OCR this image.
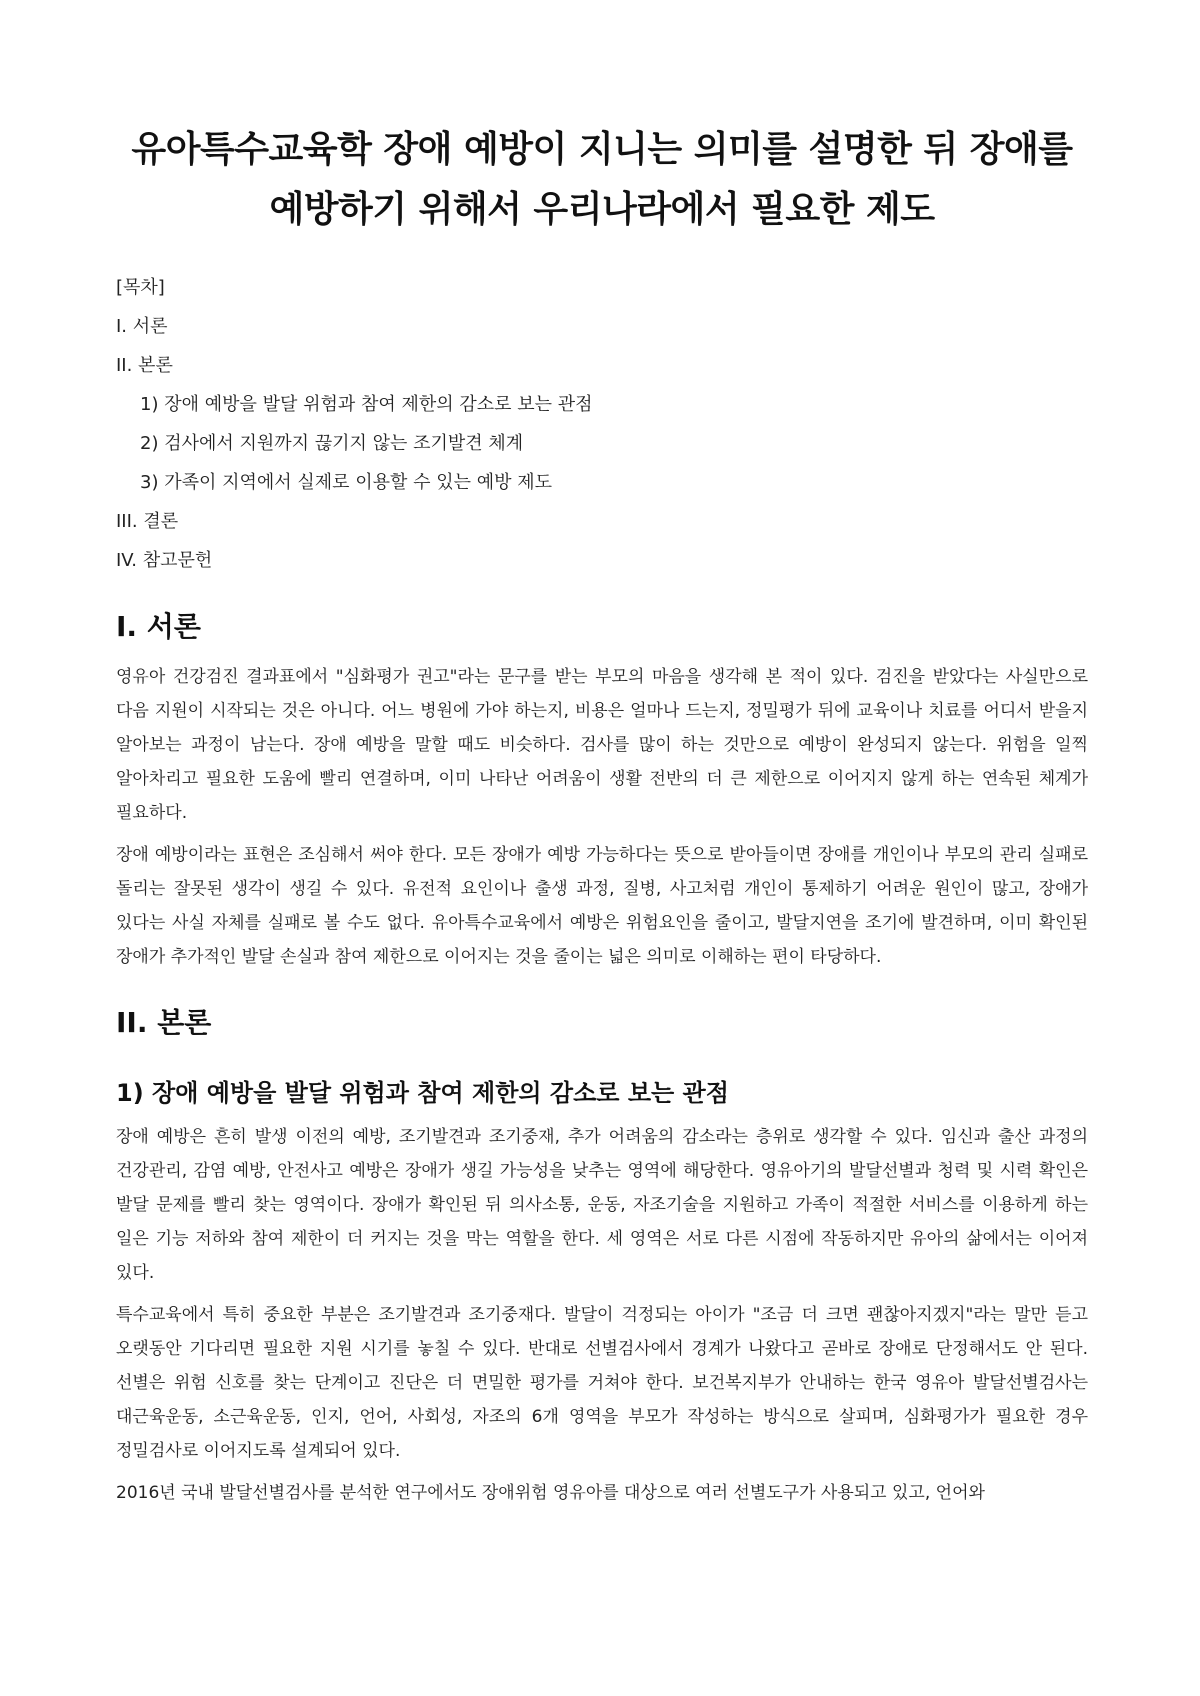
유아특수교육학 장애 예방이 지니는 의미를 설명한 뒤 장애를
예방하기 위해서 우리나라에서 필요한 제도
[목차]
I. 서론
II. 본론
1) 장애 예방을 발달 위험과 참여 제한의 감소로 보는 관점
2) 검사에서 지원까지 끊기지 않는 조기발견 체계
3) 가족이 지역에서 실제로 이용할 수 있는 예방 제도
III. 결론
IV. 참고문헌
I. 서론

영유아 건강검진 결과표에서 "심화평가 권고"라는 문구를 받는 부모의 마음을 생각해 본 적이 있다. 검진을 받았다는 사실만으로 다음 지원이 시작되는 것은 아니다. 어느 병원에 가야 하는지, 비용은 얼마나 드는지, 정밀평가 뒤에 교육이나 치료를 어디서 받을지 알아보는 과정이 남는다. 장애 예방을 말할 때도 비슷하다. 검사를 많이 하는 것만으로 예방이 완성되지 않는다. 위험을 일찍 알아차리고 필요한 도움에 빨리 연결하며, 이미 나타난 어려움이 생활 전반의 더 큰 제한으로 이어지지 않게 하는 연속된 체계가 필요하다.

장애 예방이라는 표현은 조심해서 써야 한다. 모든 장애가 예방 가능하다는 뜻으로 받아들이면 장애를 개인이나 부모의 관리 실패로 돌리는 잘못된 생각이 생길 수 있다. 유전적 요인이나 출생 과정, 질병, 사고처럼 개인이 통제하기 어려운 원인이 많고, 장애가 있다는 사실 자체를 실패로 볼 수도 없다. 유아특수교육에서 예방은 위험요인을 줄이고, 발달지연을 조기에 발견하며, 이미 확인된 장애가 추가적인 발달 손실과 참여 제한으로 이어지는 것을 줄이는 넓은 의미로 이해하는 편이 타당하다.

II. 본론
1) 장애 예방을 발달 위험과 참여 제한의 감소로 보는 관점

장애 예방은 흔히 발생 이전의 예방, 조기발견과 조기중재, 추가 어려움의 감소라는 층위로 생각할 수 있다. 임신과 출산 과정의 건강관리, 감염 예방, 안전사고 예방은 장애가 생길 가능성을 낮추는 영역에 해당한다. 영유아기의 발달선별과 청력 및 시력 확인은 발달 문제를 빨리 찾는 영역이다. 장애가 확인된 뒤 의사소통, 운동, 자조기술을 지원하고 가족이 적절한 서비스를 이용하게 하는 일은 기능 저하와 참여 제한이 더 커지는 것을 막는 역할을 한다. 세 영역은 서로 다른 시점에 작동하지만 유아의 삶에서는 이어져 있다.

특수교육에서 특히 중요한 부분은 조기발견과 조기중재다. 발달이 걱정되는 아이가 "조금 더 크면 괜찮아지겠지"라는 말만 듣고 오랫동안 기다리면 필요한 지원 시기를 놓칠 수 있다. 반대로 선별검사에서 경계가 나왔다고 곧바로 장애로 단정해서도 안 된다. 선별은 위험 신호를 찾는 단계이고 진단은 더 면밀한 평가를 거쳐야 한다. 보건복지부가 안내하는 한국 영유아 발달선별검사는 대근육운동, 소근육운동, 인지, 언어, 사회성, 자조의 6개 영역을 부모가 작성하는 방식으로 살피며, 심화평가가 필요한 경우 정밀검사로 이어지도록 설계되어 있다.

2016년 국내 발달선별검사를 분석한 연구에서도 장애위험 영유아를 대상으로 여러 선별도구가 사용되고 있고, 언어와
